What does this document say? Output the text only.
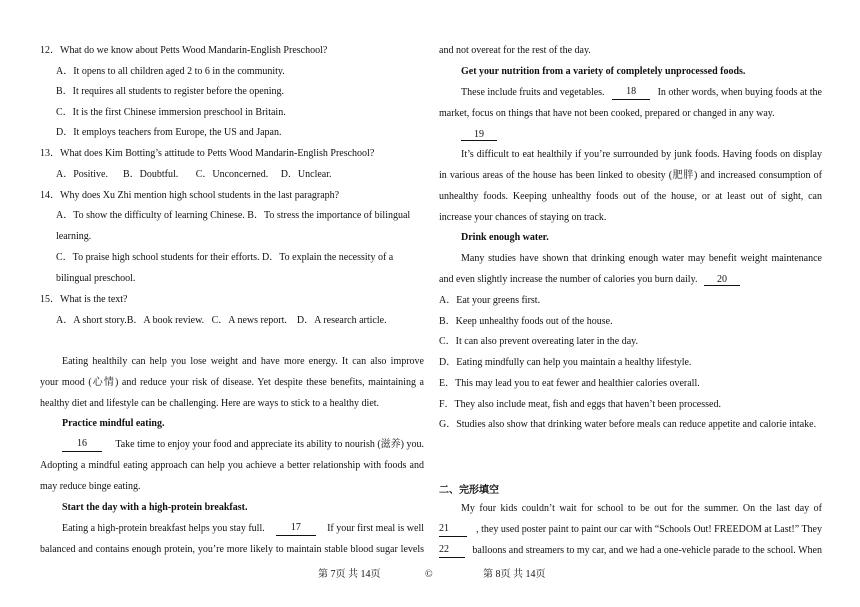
12．What do we know about Petts Wood Mandarin-English Preschool?
A．It opens to all children aged 2 to 6 in the community.
B．It requires all students to register before the opening.
C．It is the first Chinese immersion preschool in Britain.
D．It employs teachers from Europe, the US and Japan.
13．What does Kim Botting’s attitude to Petts Wood Mandarin-English Preschool?
A．Positive.      B．Doubtful.       C．Unconcerned.     D．Unclear.
14．Why does Xu Zhi mention high school students in the last paragraph?
A．To show the difficulty of learning Chinese. B．To stress the importance of bilingual
learning.
C．To praise high school students for their efforts. D．To explain the necessity of a
bilingual preschool.
15．What is the text?
A．A short story.B．A book review.   C．A news report.    D．A research article.
Eating healthily can help you lose weight and have more energy. It can also improve
your mood (心情) and reduce your risk of disease. Yet despite these benefits, maintaining a
healthy diet and lifestyle can be challenging. Here are ways to stick to a healthy diet.
Practice mindful eating.
16	Take time to enjoy your food and appreciate its ability to nourish (滋养) you.
Adopting a mindful eating approach can help you achieve a better relationship with foods and
may reduce binge eating.
Start the day with a high-protein breakfast.
Eating a high-protein breakfast helps you stay full.	17	If your first meal is well
balanced and contains enough protein, you’re more likely to maintain stable blood sugar levels
and not overeat for the rest of the day.
Get your nutrition from a variety of completely unprocessed foods.
These include fruits and vegetables.	18	In other words, when buying foods at the
market, focus on things that have not been cooked, prepared or changed in any way.
19
It’s difficult to eat healthily if you’re surrounded by junk foods. Having foods on display
in various areas of the house has been linked to obesity (肥胖) and increased consumption of
unhealthy foods. Keeping unhealthy foods out of the house, or at least out of sight, can
increase your chances of staying on track.
Drink enough water.
Many studies have shown that drinking enough water may benefit weight maintenance
and even slightly increase the number of calories you burn daily. 20
A．Eat your greens first.
B．Keep unhealthy foods out of the house.
C．It can also prevent overeating later in the day.
D．Eating mindfully can help you maintain a healthy lifestyle.
E．This may lead you to eat fewer and healthier calories overall.
F．They also include meat, fish and eggs that haven’t been processed.
G．Studies also show that drinking water before meals can reduce appetite and calorie intake.
二、完形填空
My four kids couldn’t wait for school to be out for the summer. On the last day of
21	, they used poster paint to paint our car with “Schools Out! FREEDOM at Last!” They
22	balloons and streamers to my car, and we had a one-vehicle parade to the school. When
第 7页 共 14页	©	第 8页 共 14页
